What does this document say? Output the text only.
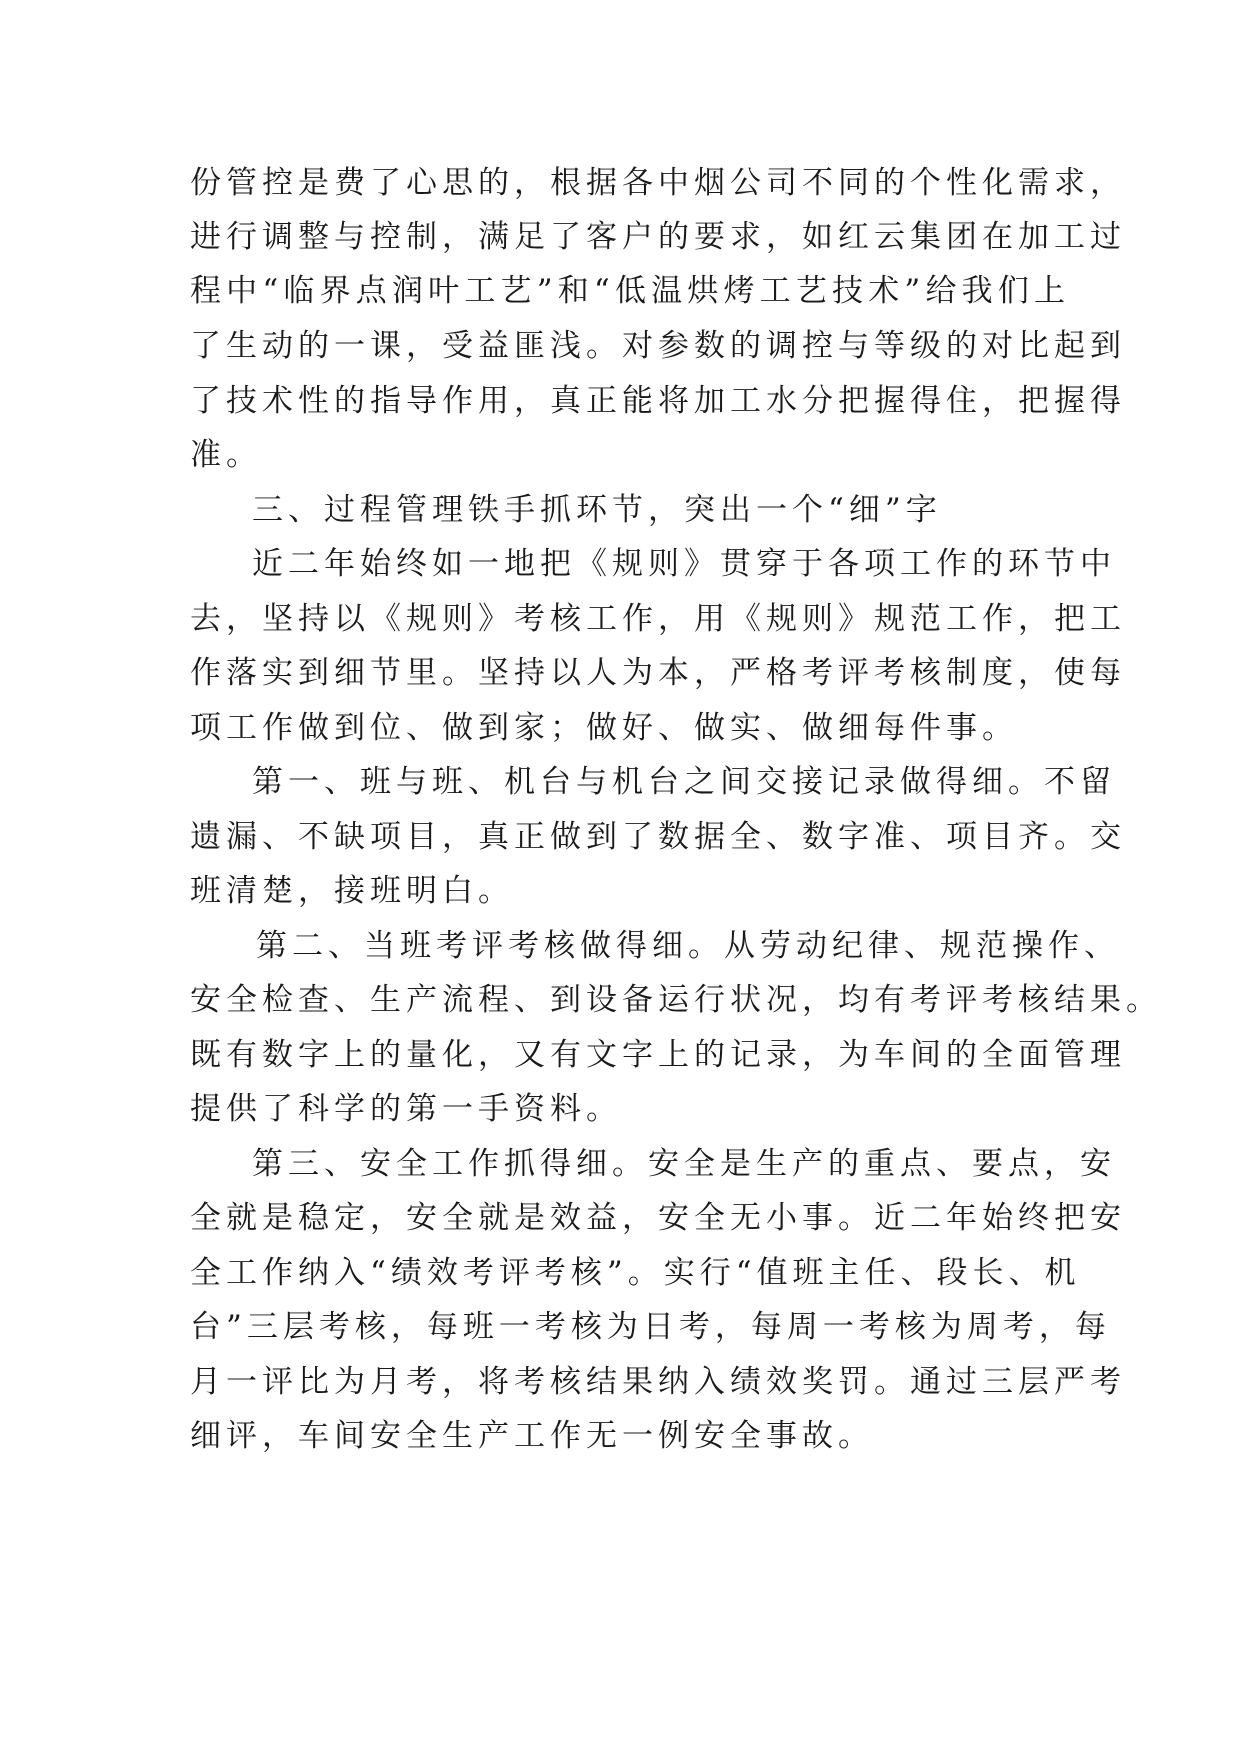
份管控是费了心思的，根据各中烟公司不同的个性化需求，
进行调整与控制，满足了客户的要求，如红云集团在加工过
程中“临界点润叶工艺”和“低温烘烤工艺技术”给我们上
了生动的一课，受益匪浅。对参数的调控与等级的对比起到
了技术性的指导作用，真正能将加工水分把握得住，把握得
准。
三、过程管理铁手抓环节，突出一个“细”字
近二年始终如一地把《规则》贯穿于各项工作的环节中
去，坚持以《规则》考核工作，用《规则》规范工作，把工
作落实到细节里。坚持以人为本，严格考评考核制度，使每
项工作做到位、做到家；做好、做实、做细每件事。
第一、班与班、机台与机台之间交接记录做得细。不留
遗漏、不缺项目，真正做到了数据全、数字准、项目齐。交
班清楚，接班明白。
第二、当班考评考核做得细。从劳动纪律、规范操作、
安全检查、生产流程、到设备运行状况，均有考评考核结果。
既有数字上的量化，又有文字上的记录，为车间的全面管理
提供了科学的第一手资料。
第三、安全工作抓得细。安全是生产的重点、要点，安
全就是稳定，安全就是效益，安全无小事。近二年始终把安
全工作纳入“绩效考评考核”。实行“值班主任、段长、机
台”三层考核，每班一考核为日考，每周一考核为周考，每
月一评比为月考，将考核结果纳入绩效奖罚。通过三层严考
细评，车间安全生产工作无一例安全事故。
